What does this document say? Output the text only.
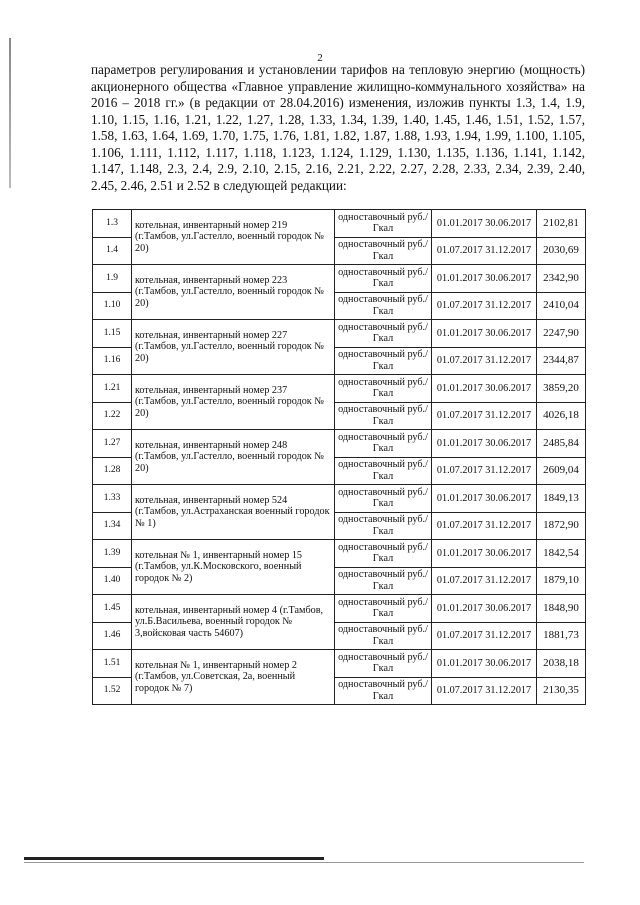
2
параметров регулирования и установлении тарифов на тепловую энергию (мощность) акционерного общества «Главное управление жилищно-коммунального хозяйства» на 2016 – 2018 гг.» (в редакции от 28.04.2016) изменения, изложив пункты 1.3, 1.4, 1.9, 1.10, 1.15, 1.16, 1.21, 1.22, 1.27, 1.28, 1.33, 1.34, 1.39, 1.40, 1.45, 1.46, 1.51, 1.52, 1.57, 1.58, 1.63, 1.64, 1.69, 1.70, 1.75, 1.76, 1.81, 1.82, 1.87, 1.88, 1.93, 1.94, 1.99, 1.100, 1.105, 1.106, 1.111, 1.112, 1.117, 1.118, 1.123, 1.124, 1.129, 1.130, 1.135, 1.136, 1.141, 1.142, 1.147, 1.148, 2.3, 2.4, 2.9, 2.10, 2.15, 2.16, 2.21, 2.22, 2.27, 2.28, 2.33, 2.34, 2.39, 2.40, 2.45, 2.46, 2.51 и 2.52 в следующей редакции:
1.3	котельная, инвентарный номер 219 (г.Тамбов, ул.Гастелло, военный городок № 20)	одноставочный руб./Гкал	01.01.2017 30.06.2017	2102,81
1.4		одноставочный руб./Гкал	01.07.2017 31.12.2017	2030,69
1.9	котельная, инвентарный номер 223 (г.Тамбов, ул.Гастелло, военный городок № 20)	одноставочный руб./Гкал	01.01.2017 30.06.2017	2342,90
1.10		одноставочный руб./Гкал	01.07.2017 31.12.2017	2410,04
1.15	котельная, инвентарный номер 227 (г.Тамбов, ул.Гастелло, военный городок № 20)	одноставочный руб./Гкал	01.01.2017 30.06.2017	2247,90
1.16		одноставочный руб./Гкал	01.07.2017 31.12.2017	2344,87
1.21	котельная, инвентарный номер 237 (г.Тамбов, ул.Гастелло, военный городок № 20)	одноставочный руб./Гкал	01.01.2017 30.06.2017	3859,20
1.22		одноставочный руб./Гкал	01.07.2017 31.12.2017	4026,18
1.27	котельная, инвентарный номер 248 (г.Тамбов, ул.Гастелло, военный городок № 20)	одноставочный руб./Гкал	01.01.2017 30.06.2017	2485,84
1.28		одноставочный руб./Гкал	01.07.2017 31.12.2017	2609,04
1.33	котельная, инвентарный номер 524 (г.Тамбов, ул.Астраханская военный городок № 1)	одноставочный руб./Гкал	01.01.2017 30.06.2017	1849,13
1.34		одноставочный руб./Гкал	01.07.2017 31.12.2017	1872,90
1.39	котельная № 1, инвентарный номер 15 (г.Тамбов, ул.К.Московского, военный городок № 2)	одноставочный руб./Гкал	01.01.2017 30.06.2017	1842,54
1.40		одноставочный руб./Гкал	01.07.2017 31.12.2017	1879,10
1.45	котельная, инвентарный номер 4 (г.Тамбов, ул.Б.Васильева, военный городок № 3,войсковая часть 54607)	одноставочный руб./Гкал	01.01.2017 30.06.2017	1848,90
1.46		одноставочный руб./Гкал	01.07.2017 31.12.2017	1881,73
1.51	котельная № 1, инвентарный номер 2 (г.Тамбов, ул.Советская, 2а, военный городок № 7)	одноставочный руб./Гкал	01.01.2017 30.06.2017	2038,18
1.52		одноставочный руб./Гкал	01.07.2017 31.12.2017	2130,35
